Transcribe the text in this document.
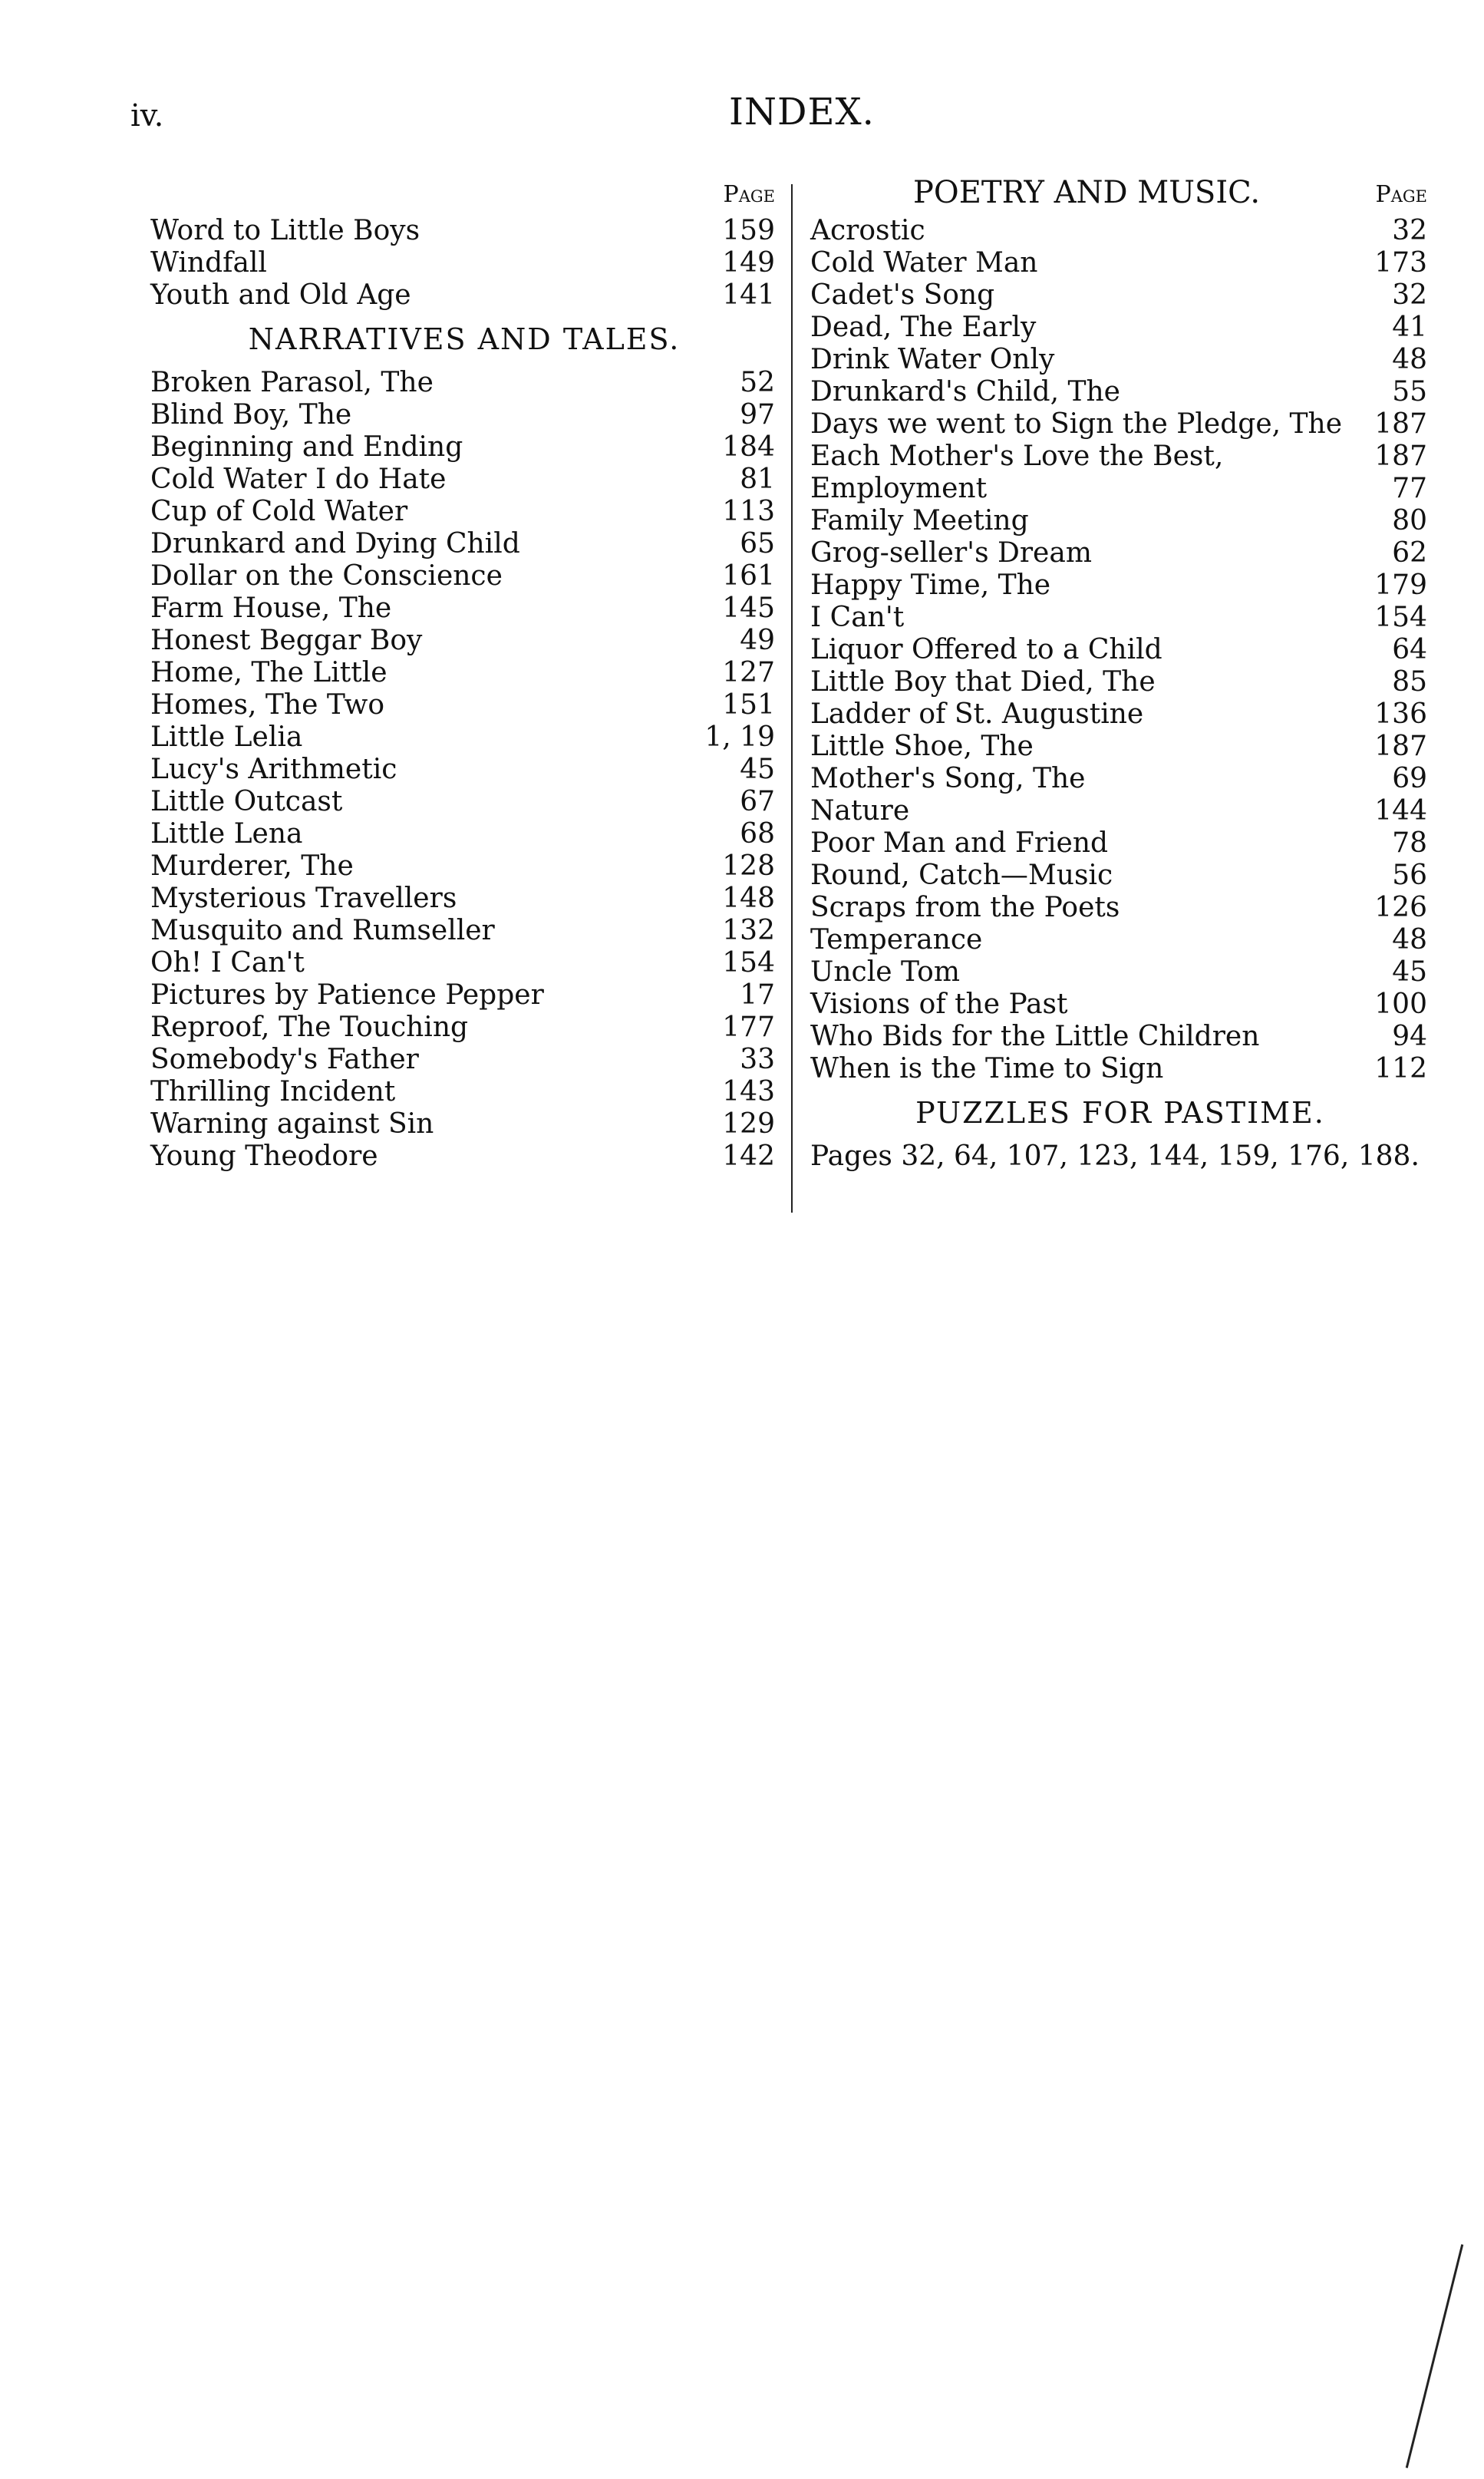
iv.	INDEX.
Page
Word to Little Boys	159
Windfall	149
Youth and Old Age	141
NARRATIVES AND TALES.
Broken Parasol, The	52
Blind Boy, The	97
Beginning and Ending	184
Cold Water I do Hate	81
Cup of Cold Water	113
Drunkard and Dying Child	65
Dollar on the Conscience	161
Farm House, The	145
Honest Beggar Boy	49
Home, The Little	127
Homes, The Two	151
Little Lelia	1, 19
Lucy's Arithmetic	45
Little Outcast	67
Little Lena	68
Murderer, The	128
Mysterious Travellers	148
Musquito and Rumseller	132
Oh! I Can't	154
Pictures by Patience Pepper	17
Reproof, The Touching	177
Somebody's Father	33
Thrilling Incident	143
Warning against Sin	129
Young Theodore	142
POETRY AND MUSIC.	Page
Acrostic	32
Cold Water Man	173
Cadet's Song	32
Dead, The Early	41
Drink Water Only	48
Drunkard's Child, The	55
Days we went to Sign the Pledge, The 187
Each Mother's Love the Best,	187
Employment	77
Family Meeting	80
Grog-seller's Dream	62
Happy Time, The	179
I Can't	154
Liquor Offered to a Child	64
Little Boy that Died, The	85
Ladder of St. Augustine	136
Little Shoe, The	187
Mother's Song, The	69
Nature	144
Poor Man and Friend	78
Round, Catch—Music	56
Scraps from the Poets	126
Temperance	48
Uncle Tom	45
Visions of the Past	100
Who Bids for the Little Children	94
When is the Time to Sign	112
PUZZLES FOR PASTIME.
Pages 32, 64, 107, 123, 144, 159, 176, 188.
